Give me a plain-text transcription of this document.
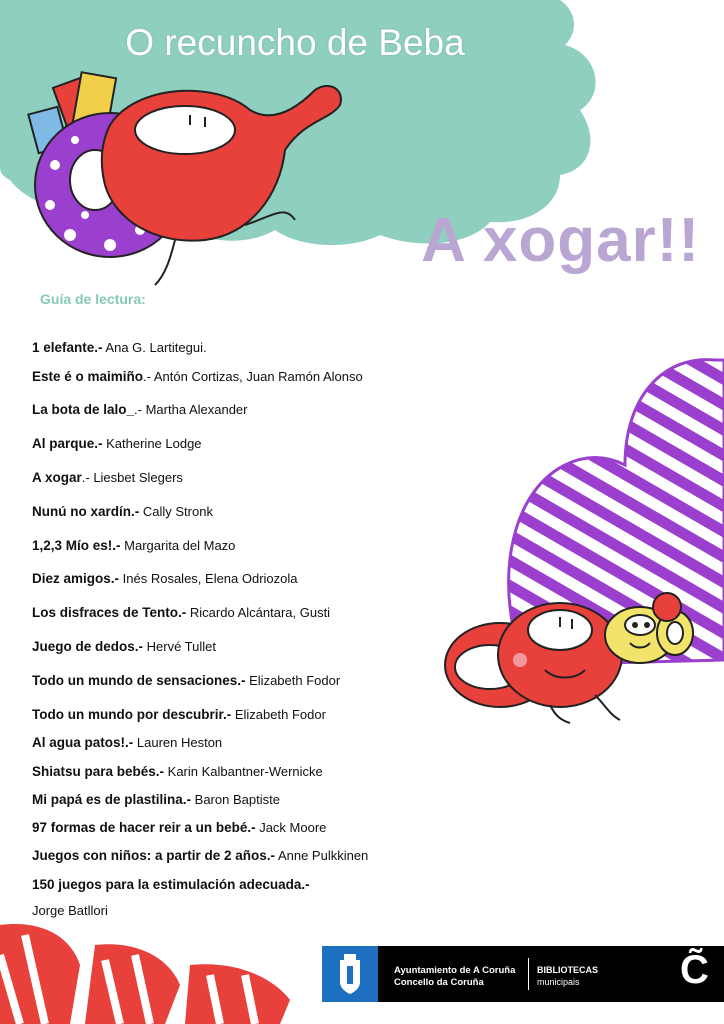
O recuncho de Beba
A xogar!!
Guía de lectura:
1 elefante.- Ana G. Lartitegui.
Este é o maimiño.- Antón Cortizas, Juan Ramón Alonso
La bota de lalo_.- Martha Alexander
Al parque.- Katherine Lodge
A xogar.- Liesbet Slegers
Nunú no xardín.- Cally Stronk
1,2,3 Mío es!.- Margarita del Mazo
Diez amigos.- Inés Rosales, Elena Odriozola
Los disfraces de Tento.- Ricardo Alcántara, Gusti
Juego de dedos.- Hervé Tullet
Todo un mundo de sensaciones.- Elizabeth Fodor
Todo un mundo por descubrir.- Elizabeth Fodor
Al agua patos!.- Lauren Heston
Shiatsu para bebés.- Karin Kalbantner-Wernicke
Mi papá es de plastilina.- Baron Baptiste
97 formas de hacer reir a un bebé.- Jack Moore
Juegos con niños: a partir de 2 años.- Anne Pulkkinen
150 juegos para la estimulación adecuada.-
Jorge Batllori
Ayuntamiento de A Coruña
Concello da Coruña
BIBLIOTECAS
municipais	C̃
